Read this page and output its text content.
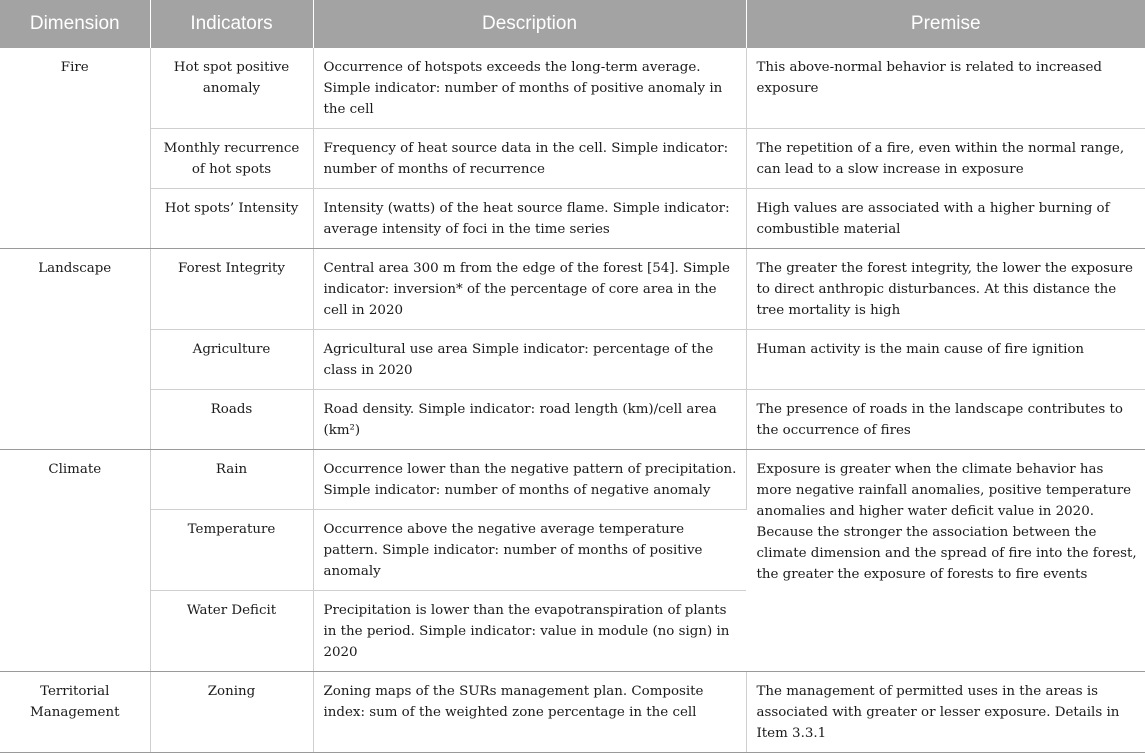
Dimension	Indicators	Description	Premise
Fire	Hot spot positive anomaly	Occurrence of hotspots exceeds the long-term average. Simple indicator: number of months of positive anomaly in the cell	This above-normal behavior is related to increased exposure
	Monthly recurrence of hot spots	Frequency of heat source data in the cell. Simple indicator: number of months of recurrence	The repetition of a fire, even within the normal range, can lead to a slow increase in exposure
	Hot spots’ Intensity	Intensity (watts) of the heat source flame. Simple indicator: average intensity of foci in the time series	High values are associated with a higher burning of combustible material
Landscape	Forest Integrity	Central area 300 m from the edge of the forest [54]. Simple indicator: inversion* of the percentage of core area in the cell in 2020	The greater the forest integrity, the lower the exposure to direct anthropic disturbances. At this distance the tree mortality is high
	Agriculture	Agricultural use area Simple indicator: percentage of the class in 2020	Human activity is the main cause of fire ignition
	Roads	Road density. Simple indicator: road length (km)/cell area (km²)	The presence of roads in the landscape contributes to the occurrence of fires
Climate	Rain	Occurrence lower than the negative pattern of precipitation. Simple indicator: number of months of negative anomaly	Exposure is greater when the climate behavior has more negative rainfall anomalies, positive temperature anomalies and higher water deficit value in 2020. Because the stronger the association between the climate dimension and the spread of fire into the forest, the greater the exposure of forests to fire events
	Temperature	Occurrence above the negative average temperature pattern. Simple indicator: number of months of positive anomaly	
	Water Deficit	Precipitation is lower than the evapotranspiration of plants in the period. Simple indicator: value in module (no sign) in 2020	
Territorial Management	Zoning	Zoning maps of the SURs management plan. Composite index: sum of the weighted zone percentage in the cell	The management of permitted uses in the areas is associated with greater or lesser exposure. Details in Item 3.3.1
